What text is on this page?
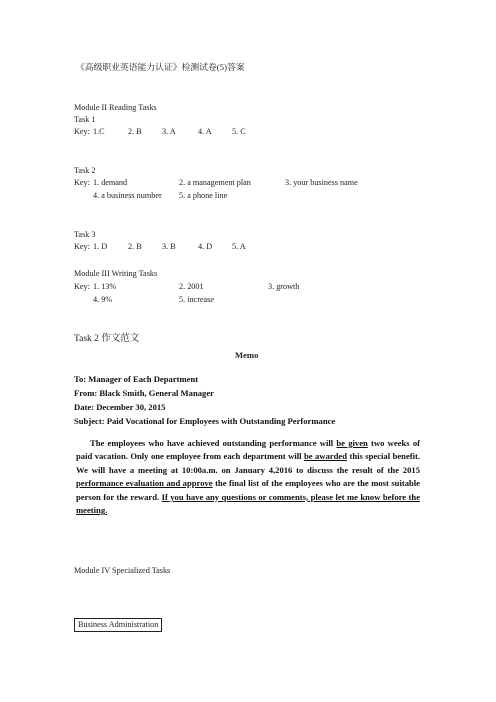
《高级职业英语能力认证》检测试卷(5)答案
Module II Reading Tasks
Task 1
Key: 1.C	2. B 3. A	4. A 5. C
Task 2
Key: 1. demand	2. a management plan	3. your business name
4. a business number 5. a phone line
Task 3
Key: 1. D	2. B 3. B	4. D 5. A
Module III Writing Tasks
Key: 1. 13%	2. 2001	3. growth
4. 9%	5. increase
Task 2 作文范文
Memo
To: Manager of Each Department
From: Black Smith, General Manager
Date: December 30, 2015
Subject: Paid Vocational for Employees with Outstanding Performance

The employees who have achieved outstanding performance will be given two weeks of paid vacation. Only one employee from each department will be awarded this special benefit. We will have a meeting at 10:00a.m. on January 4,2016 to discuss the result of the 2015 performance evaluation and approve the final list of the employees who are the most suitable person for the reward. If you have any questions or comments, please let me know before the meeting.

Module IV Specialized Tasks
Business Administration
